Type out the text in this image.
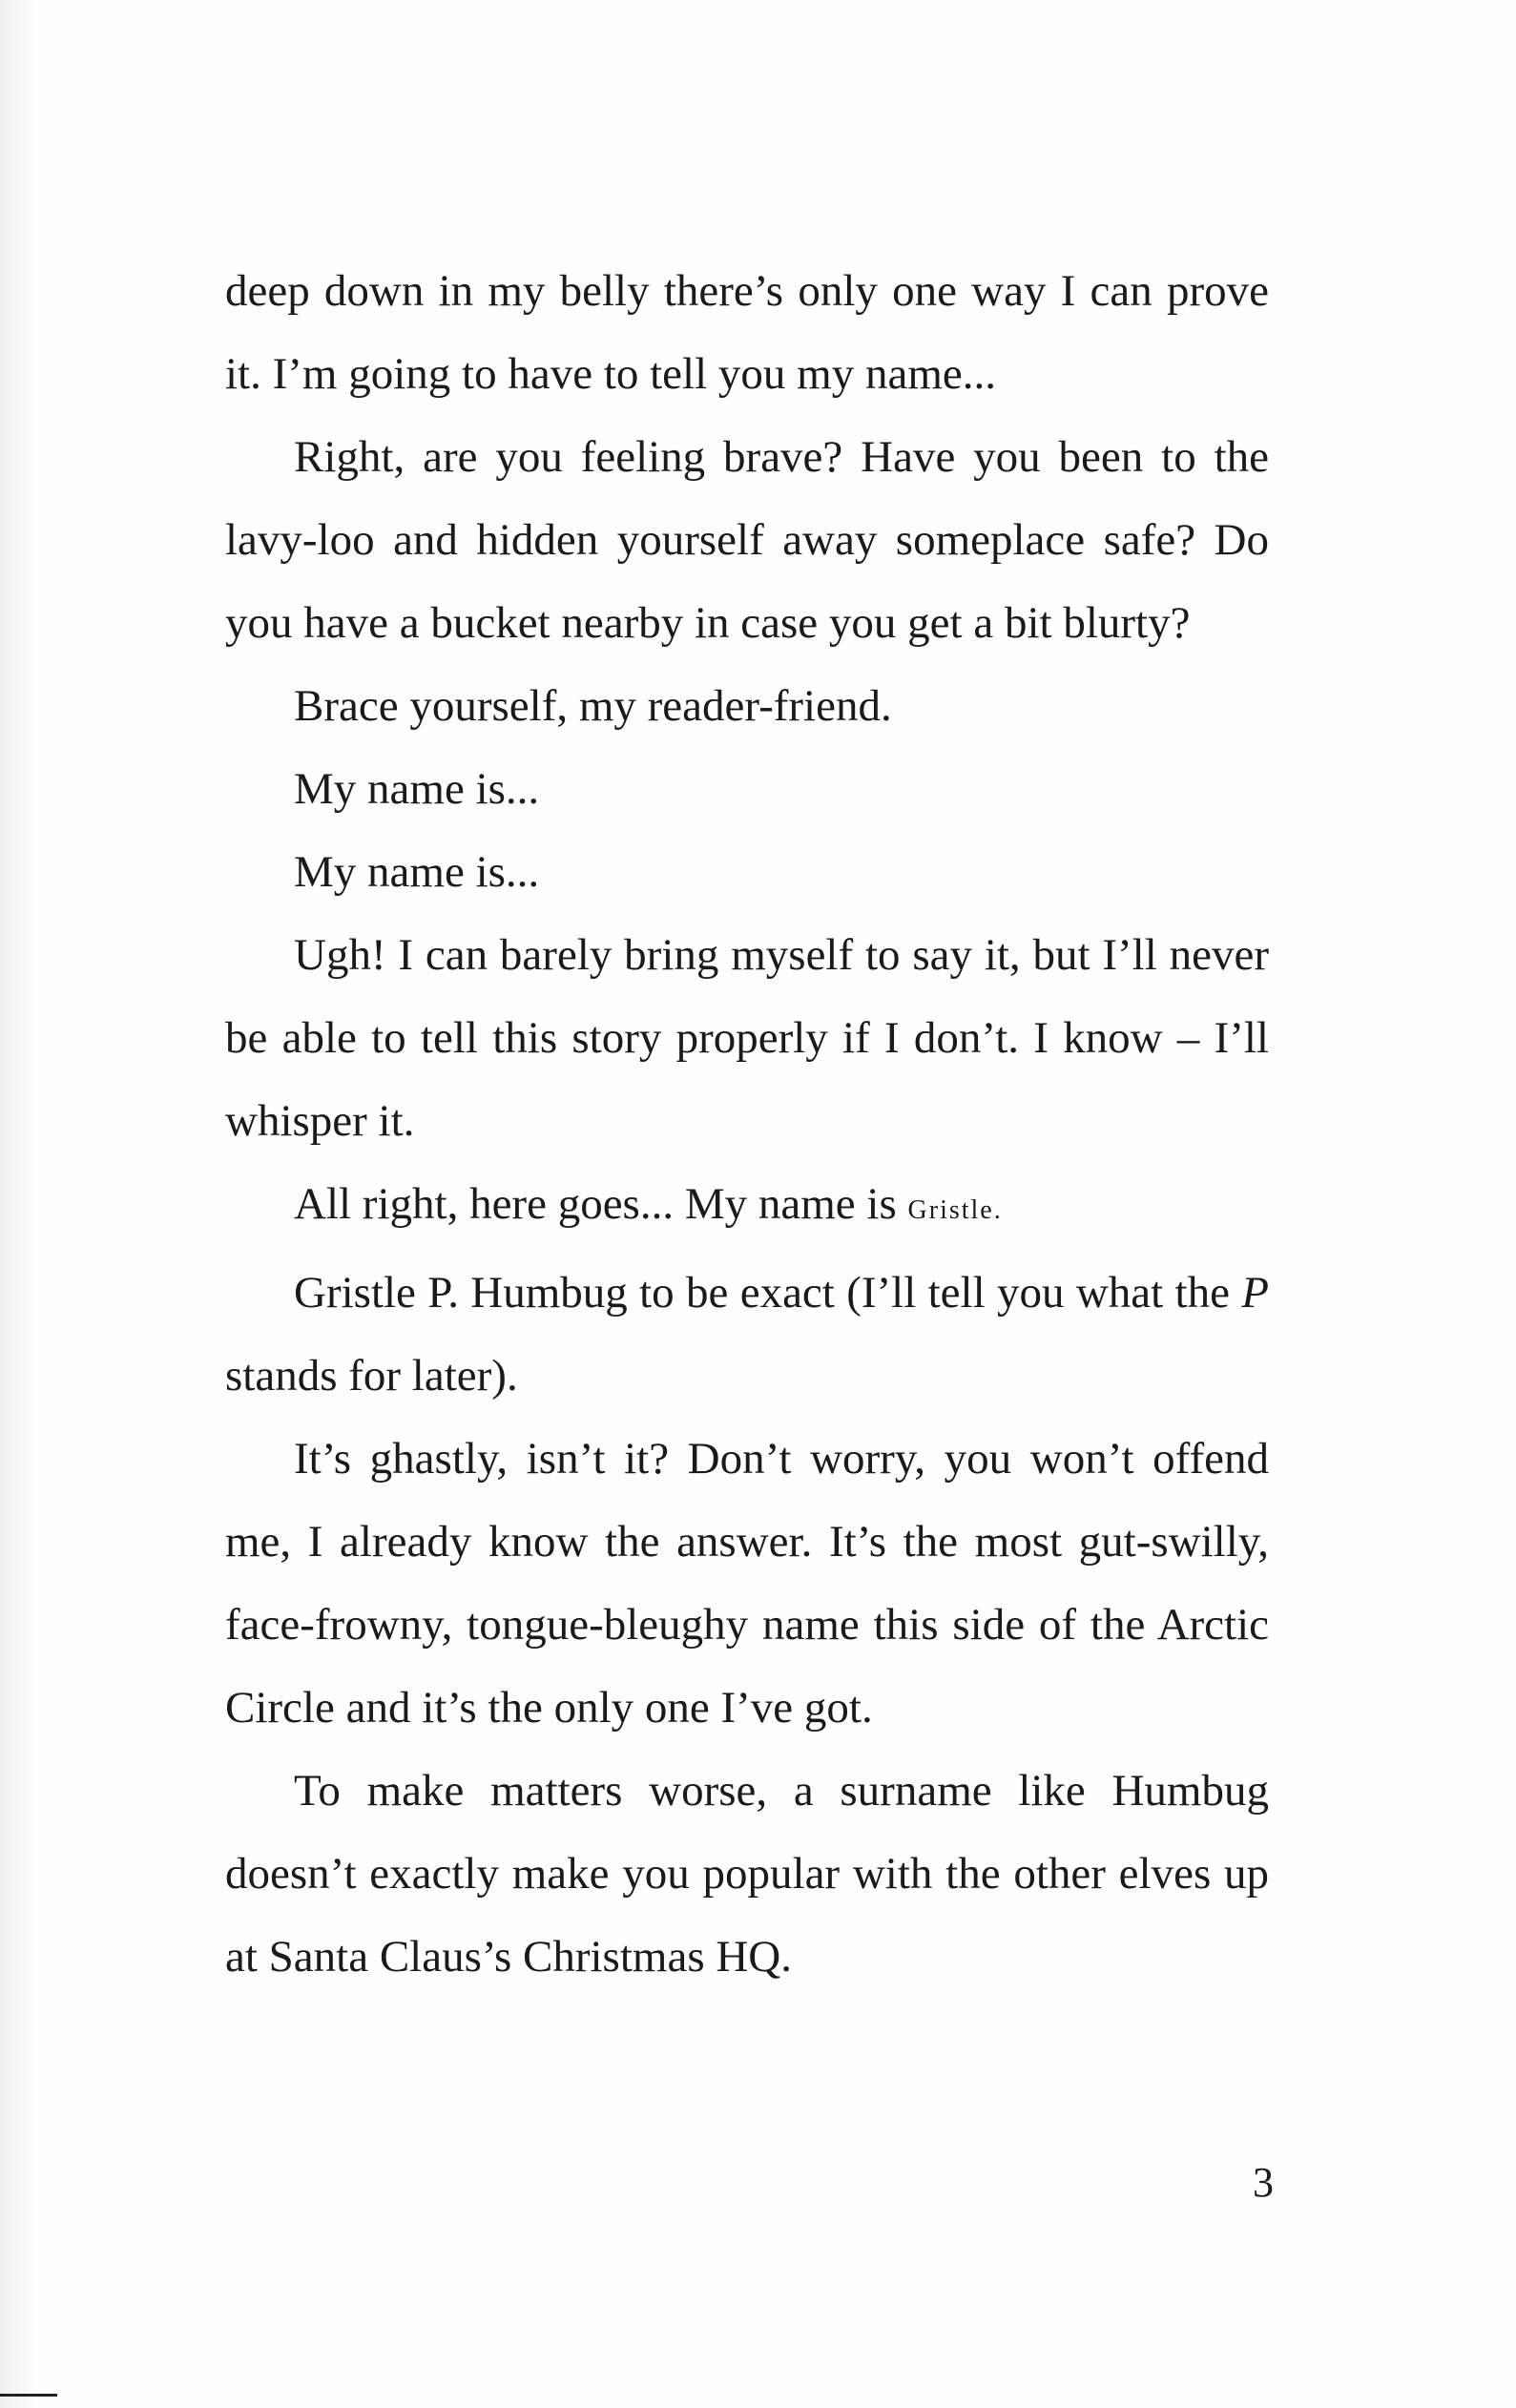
deep down in my belly there’s only one way I can prove it. I’m going to have to tell you my name...

Right, are you feeling brave? Have you been to the lavy-loo and hidden yourself away someplace safe? Do you have a bucket nearby in case you get a bit blurty?

Brace yourself, my reader-friend.

My name is...

My name is...

Ugh! I can barely bring myself to say it, but I’ll never be able to tell this story properly if I don’t. I know – I’ll whisper it.

All right, here goes... My name is Gristle.

Gristle P. Humbug to be exact (I’ll tell you what the P stands for later).

It’s ghastly, isn’t it? Don’t worry, you won’t offend me, I already know the answer. It’s the most gut-swilly, face-frowny, tongue-bleughy name this side of the Arctic Circle and it’s the only one I’ve got.

To make matters worse, a surname like Humbug doesn’t exactly make you popular with the other elves up at Santa Claus’s Christmas HQ.

3
